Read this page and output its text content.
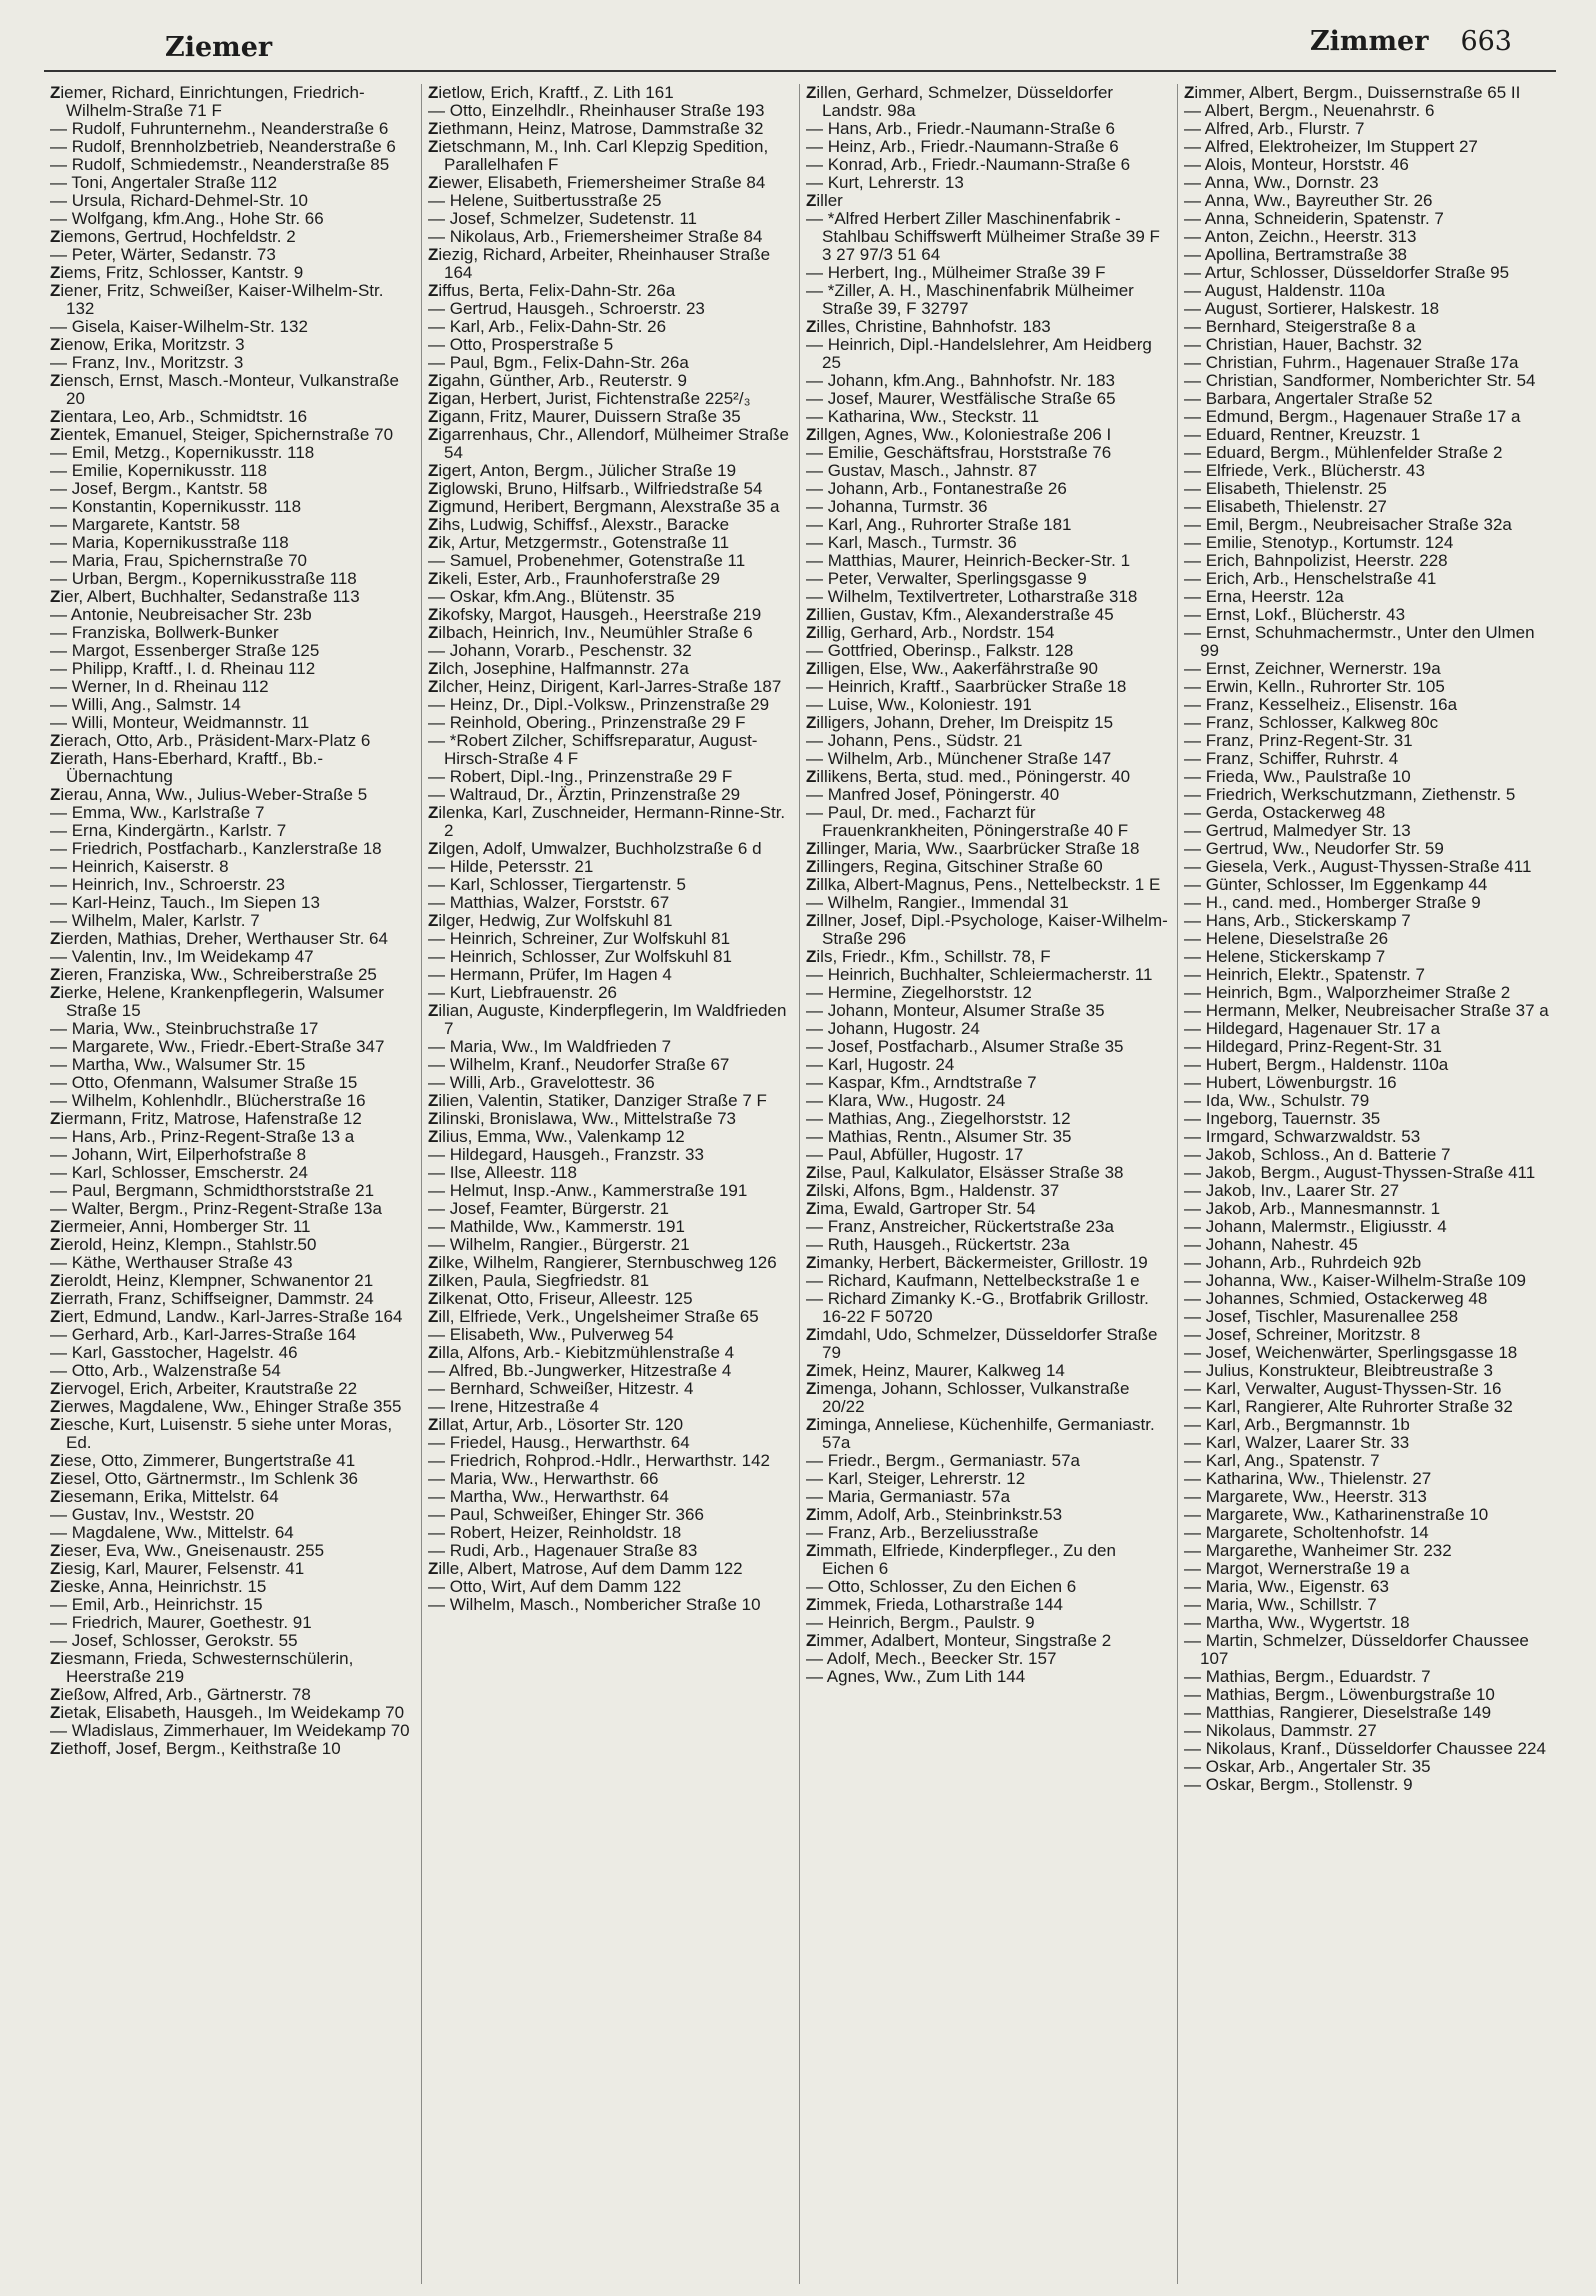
Ziemer	Zimmer 663

Ziemer, Richard, Einrichtungen, Friedrich-Wilhelm-Straße 71 F

— Rudolf, Fuhrunternehm., Neanderstraße 6

— Rudolf, Brennholzbetrieb, Neanderstraße 6

— Rudolf, Schmiedemstr., Neanderstraße 85

— Toni, Angertaler Straße 112

— Ursula, Richard-Dehmel-Str. 10

— Wolfgang, kfm.Ang., Hohe Str. 66

Ziemons, Gertrud, Hochfeldstr. 2

— Peter, Wärter, Sedanstr. 73

Ziems, Fritz, Schlosser, Kantstr. 9

Ziener, Fritz, Schweißer, Kaiser-Wilhelm-Str. 132

— Gisela, Kaiser-Wilhelm-Str. 132

Zienow, Erika, Moritzstr. 3

— Franz, Inv., Moritzstr. 3

Ziensch, Ernst, Masch.-Monteur, Vulkanstraße 20

Zientara, Leo, Arb., Schmidtstr. 16

Zientek, Emanuel, Steiger, Spichernstraße 70

— Emil, Metzg., Kopernikusstr. 118

— Emilie, Kopernikusstr. 118

— Josef, Bergm., Kantstr. 58

— Konstantin, Kopernikusstr. 118

— Margarete, Kantstr. 58

— Maria, Kopernikusstraße 118

— Maria, Frau, Spichernstraße 70

— Urban, Bergm., Kopernikusstraße 118

Zier, Albert, Buchhalter, Sedanstraße 113

— Antonie, Neubreisacher Str. 23b

— Franziska, Bollwerk-Bunker

— Margot, Essenberger Straße 125

— Philipp, Kraftf., I. d. Rheinau 112

— Werner, In d. Rheinau 112

— Willi, Ang., Salmstr. 14

— Willi, Monteur, Weidmannstr. 11

Zierach, Otto, Arb., Präsident-Marx-Platz 6

Zierath, Hans-Eberhard, Kraftf., Bb.-Übernachtung

Zierau, Anna, Ww., Julius-Weber-Straße 5

— Emma, Ww., Karlstraße 7

— Erna, Kindergärtn., Karlstr. 7

— Friedrich, Postfacharb., Kanzlerstraße 18

— Heinrich, Kaiserstr. 8

— Heinrich, Inv., Schroerstr. 23

— Karl-Heinz, Tauch., Im Siepen 13

— Wilhelm, Maler, Karlstr. 7

Zierden, Mathias, Dreher, Werthauser Str. 64

— Valentin, Inv., Im Weidekamp 47

Zieren, Franziska, Ww., Schreiberstraße 25

Zierke, Helene, Krankenpflegerin, Walsumer Straße 15

— Maria, Ww., Steinbruchstraße 17

— Margarete, Ww., Friedr.-Ebert-Straße 347

— Martha, Ww., Walsumer Str. 15

— Otto, Ofenmann, Walsumer Straße 15

— Wilhelm, Kohlenhdlr., Blücherstraße 16

Ziermann, Fritz, Matrose, Hafenstraße 12

— Hans, Arb., Prinz-Regent-Straße 13 a

— Johann, Wirt, Eilperhofstraße 8

— Karl, Schlosser, Emscherstr. 24

— Paul, Bergmann, Schmidthorststraße 21

— Walter, Bergm., Prinz-Regent-Straße 13a

Ziermeier, Anni, Homberger Str. 11

Zierold, Heinz, Klempn., Stahlstr.50

— Käthe, Werthauser Straße 43

Zieroldt, Heinz, Klempner, Schwanentor 21

Zierrath, Franz, Schiffseigner, Dammstr. 24

Ziert, Edmund, Landw., Karl-Jarres-Straße 164

— Gerhard, Arb., Karl-Jarres-Straße 164

— Karl, Gasstocher, Hagelstr. 46

— Otto, Arb., Walzenstraße 54

Ziervogel, Erich, Arbeiter, Krautstraße 22

Zierwes, Magdalene, Ww., Ehinger Straße 355

Ziesche, Kurt, Luisenstr. 5 siehe unter Moras, Ed.

Ziese, Otto, Zimmerer, Bungertstraße 41

Ziesel, Otto, Gärtnermstr., Im Schlenk 36

Ziesemann, Erika, Mittelstr. 64

— Gustav, Inv., Weststr. 20

— Magdalene, Ww., Mittelstr. 64

Zieser, Eva, Ww., Gneisenaustr. 255

Ziesig, Karl, Maurer, Felsenstr. 41

Zieske, Anna, Heinrichstr. 15

— Emil, Arb., Heinrichstr. 15

— Friedrich, Maurer, Goethestr. 91

— Josef, Schlosser, Gerokstr. 55

Ziesmann, Frieda, Schwesternschülerin, Heerstraße 219

Zießow, Alfred, Arb., Gärtnerstr. 78

Zietak, Elisabeth, Hausgeh., Im Weidekamp 70

— Wladislaus, Zimmerhauer, Im Weidekamp 70

Ziethoff, Josef, Bergm., Keithstraße 10

Zietlow, Erich, Kraftf., Z. Lith 161

— Otto, Einzelhdlr., Rheinhauser Straße 193

Ziethmann, Heinz, Matrose, Dammstraße 32

Zietschmann, M., Inh. Carl Klepzig Spedition, Parallelhafen F

Ziewer, Elisabeth, Friemersheimer Straße 84

— Helene, Suitbertusstraße 25

— Josef, Schmelzer, Sudetenstr. 11

— Nikolaus, Arb., Friemersheimer Straße 84

Ziezig, Richard, Arbeiter, Rheinhauser Straße 164

Ziffus, Berta, Felix-Dahn-Str. 26a

— Gertrud, Hausgeh., Schroerstr. 23

— Karl, Arb., Felix-Dahn-Str. 26

— Otto, Prosperstraße 5

— Paul, Bgm., Felix-Dahn-Str. 26a

Zigahn, Günther, Arb., Reuterstr. 9

Zigan, Herbert, Jurist, Fichtenstraße 225²/₃

Zigann, Fritz, Maurer, Duissern Straße 35

Zigarrenhaus, Chr., Allendorf, Mülheimer Straße 54

Zigert, Anton, Bergm., Jülicher Straße 19

Ziglowski, Bruno, Hilfsarb., Wilfriedstraße 54

Zigmund, Heribert, Bergmann, Alexstraße 35 a

Zihs, Ludwig, Schiffsf., Alexstr., Baracke

Zik, Artur, Metzgermstr., Gotenstraße 11

— Samuel, Probenehmer, Gotenstraße 11

Zikeli, Ester, Arb., Fraunhoferstraße 29

— Oskar, kfm.Ang., Blütenstr. 35

Zikofsky, Margot, Hausgeh., Heerstraße 219

Zilbach, Heinrich, Inv., Neumühler Straße 6

— Johann, Vorarb., Peschenstr. 32

Zilch, Josephine, Halfmannstr. 27a

Zilcher, Heinz, Dirigent, Karl-Jarres-Straße 187

— Heinz, Dr., Dipl.-Volksw., Prinzenstraße 29

— Reinhold, Obering., Prinzenstraße 29 F

— *Robert Zilcher, Schiffsreparatur, August-Hirsch-Straße 4 F

— Robert, Dipl.-Ing., Prinzenstraße 29 F

— Waltraud, Dr., Ärztin, Prinzenstraße 29

Zilenka, Karl, Zuschneider, Hermann-Rinne-Str. 2

Zilgen, Adolf, Umwalzer, Buchholzstraße 6 d

— Hilde, Petersstr. 21

— Karl, Schlosser, Tiergartenstr. 5

— Matthias, Walzer, Forststr. 67

Zilger, Hedwig, Zur Wolfskuhl 81

— Heinrich, Schreiner, Zur Wolfskuhl 81

— Heinrich, Schlosser, Zur Wolfskuhl 81

— Hermann, Prüfer, Im Hagen 4

— Kurt, Liebfrauenstr. 26

Zilian, Auguste, Kinderpflegerin, Im Waldfrieden 7

— Maria, Ww., Im Waldfrieden 7

— Wilhelm, Kranf., Neudorfer Straße 67

— Willi, Arb., Gravelottestr. 36

Zilien, Valentin, Statiker, Danziger Straße 7 F

Zilinski, Bronislawa, Ww., Mittelstraße 73

Zilius, Emma, Ww., Valenkamp 12

— Hildegard, Hausgeh., Franzstr. 33

— Ilse, Alleestr. 118

— Helmut, Insp.-Anw., Kammerstraße 191

— Josef, Feamter, Bürgerstr. 21

— Mathilde, Ww., Kammerstr. 191

— Wilhelm, Rangier., Bürgerstr. 21

Zilke, Wilhelm, Rangierer, Sternbuschweg 126

Zilken, Paula, Siegfriedstr. 81

Zilkenat, Otto, Friseur, Alleestr. 125

Zill, Elfriede, Verk., Ungelsheimer Straße 65

— Elisabeth, Ww., Pulverweg 54

Zilla, Alfons, Arb.- Kiebitzmühlenstraße 4

— Alfred, Bb.-Jungwerker, Hitzestraße 4

— Bernhard, Schweißer, Hitzestr. 4

— Irene, Hitzestraße 4

Zillat, Artur, Arb., Lösorter Str. 120

— Friedel, Hausg., Herwarthstr. 64

— Friedrich, Rohprod.-Hdlr., Herwarthstr. 142

— Maria, Ww., Herwarthstr. 66

— Martha, Ww., Herwarthstr. 64

— Paul, Schweißer, Ehinger Str. 366

— Robert, Heizer, Reinholdstr. 18

— Rudi, Arb., Hagenauer Straße 83

Zille, Albert, Matrose, Auf dem Damm 122

— Otto, Wirt, Auf dem Damm 122

— Wilhelm, Masch., Nombericher Straße 10

Zillen, Gerhard, Schmelzer, Düsseldorfer Landstr. 98a

— Hans, Arb., Friedr.-Naumann-Straße 6

— Heinz, Arb., Friedr.-Naumann-Straße 6

— Konrad, Arb., Friedr.-Naumann-Straße 6

— Kurt, Lehrerstr. 13

Ziller

— *Alfred Herbert Ziller Maschinenfabrik - Stahlbau Schiffswerft Mülheimer Straße 39 F 3 27 97/3 51 64

— Herbert, Ing., Mülheimer Straße 39 F

— *Ziller, A. H., Maschinenfabrik Mülheimer Straße 39, F 32797

Zilles, Christine, Bahnhofstr. 183

— Heinrich, Dipl.-Handelslehrer, Am Heidberg 25

— Johann, kfm.Ang., Bahnhofstr. Nr. 183

— Josef, Maurer, Westfälische Straße 65

— Katharina, Ww., Steckstr. 11

Zillgen, Agnes, Ww., Koloniestraße 206 I

— Emilie, Geschäftsfrau, Horststraße 76

— Gustav, Masch., Jahnstr. 87

— Johann, Arb., Fontanestraße 26

— Johanna, Turmstr. 36

— Karl, Ang., Ruhrorter Straße 181

— Karl, Masch., Turmstr. 36

— Matthias, Maurer, Heinrich-Becker-Str. 1

— Peter, Verwalter, Sperlingsgasse 9

— Wilhelm, Textilvertreter, Lotharstraße 318

Zillien, Gustav, Kfm., Alexanderstraße 45

Zillig, Gerhard, Arb., Nordstr. 154

— Gottfried, Oberinsp., Falkstr. 128

Zilligen, Else, Ww., Aakerfährstraße 90

— Heinrich, Kraftf., Saarbrücker Straße 18

— Luise, Ww., Koloniestr. 191

Zilligers, Johann, Dreher, Im Dreispitz 15

— Johann, Pens., Südstr. 21

— Wilhelm, Arb., Münchener Straße 147

Zillikens, Berta, stud. med., Pöningerstr. 40

— Manfred Josef, Pöningerstr. 40

— Paul, Dr. med., Facharzt für Frauenkrankheiten, Pöningerstraße 40 F

Zillinger, Maria, Ww., Saarbrücker Straße 18

Zillingers, Regina, Gitschiner Straße 60

Zillka, Albert-Magnus, Pens., Nettelbeckstr. 1 E

— Wilhelm, Rangier., Immendal 31

Zillner, Josef, Dipl.-Psychologe, Kaiser-Wilhelm-Straße 296

Zils, Friedr., Kfm., Schillstr. 78, F

— Heinrich, Buchhalter, Schleiermacherstr. 11

— Hermine, Ziegelhorststr. 12

— Johann, Monteur, Alsumer Straße 35

— Johann, Hugostr. 24

— Josef, Postfacharb., Alsumer Straße 35

— Karl, Hugostr. 24

— Kaspar, Kfm., Arndtstraße 7

— Klara, Ww., Hugostr. 24

— Mathias, Ang., Ziegelhorststr. 12

— Mathias, Rentn., Alsumer Str. 35

— Paul, Abfüller, Hugostr. 17

Zilse, Paul, Kalkulator, Elsässer Straße 38

Zilski, Alfons, Bgm., Haldenstr. 37

Zima, Ewald, Gartroper Str. 54

— Franz, Anstreicher, Rückertstraße 23a

— Ruth, Hausgeh., Rückertstr. 23a

Zimanky, Herbert, Bäckermeister, Grillostr. 19

— Richard, Kaufmann, Nettelbeckstraße 1 e

— Richard Zimanky K.-G., Brotfabrik Grillostr. 16-22 F 50720

Zimdahl, Udo, Schmelzer, Düsseldorfer Straße 79

Zimek, Heinz, Maurer, Kalkweg 14

Zimenga, Johann, Schlosser, Vulkanstraße 20/22

Ziminga, Anneliese, Küchenhilfe, Germaniastr. 57a

— Friedr., Bergm., Germaniastr. 57a

— Karl, Steiger, Lehrerstr. 12

— Maria, Germaniastr. 57a

Zimm, Adolf, Arb., Steinbrinkstr.53

— Franz, Arb., Berzeliusstraße

Zimmath, Elfriede, Kinderpfleger., Zu den Eichen 6

— Otto, Schlosser, Zu den Eichen 6

Zimmek, Frieda, Lotharstraße 144

— Heinrich, Bergm., Paulstr. 9

Zimmer, Adalbert, Monteur, Singstraße 2

— Adolf, Mech., Beecker Str. 157

— Agnes, Ww., Zum Lith 144

Zimmer, Albert, Bergm., Duissernstraße 65 II

— Albert, Bergm., Neuenahrstr. 6

— Alfred, Arb., Flurstr. 7

— Alfred, Elektroheizer, Im Stuppert 27

— Alois, Monteur, Horststr. 46

— Anna, Ww., Dornstr. 23

— Anna, Ww., Bayreuther Str. 26

— Anna, Schneiderin, Spatenstr. 7

— Anton, Zeichn., Heerstr. 313

— Apollina, Bertramstraße 38

— Artur, Schlosser, Düsseldorfer Straße 95

— August, Haldenstr. 110a

— August, Sortierer, Halskestr. 18

— Bernhard, Steigerstraße 8 a

— Christian, Hauer, Bachstr. 32

— Christian, Fuhrm., Hagenauer Straße 17a

— Christian, Sandformer, Nomberichter Str. 54

— Barbara, Angertaler Straße 52

— Edmund, Bergm., Hagenauer Straße 17 a

— Eduard, Rentner, Kreuzstr. 1

— Eduard, Bergm., Mühlenfelder Straße 2

— Elfriede, Verk., Blücherstr. 43

— Elisabeth, Thielenstr. 25

— Elisabeth, Thielenstr. 27

— Emil, Bergm., Neubreisacher Straße 32a

— Emilie, Stenotyp., Kortumstr. 124

— Erich, Bahnpolizist, Heerstr. 228

— Erich, Arb., Henschelstraße 41

— Erna, Heerstr. 12a

— Ernst, Lokf., Blücherstr. 43

— Ernst, Schuhmachermstr., Unter den Ulmen 99

— Ernst, Zeichner, Wernerstr. 19a

— Erwin, Kelln., Ruhrorter Str. 105

— Franz, Kesselheiz., Elisenstr. 16a

— Franz, Schlosser, Kalkweg 80c

— Franz, Prinz-Regent-Str. 31

— Franz, Schiffer, Ruhrstr. 4

— Frieda, Ww., Paulstraße 10

— Friedrich, Werkschutzmann, Ziethenstr. 5

— Gerda, Ostackerweg 48

— Gertrud, Malmedyer Str. 13

— Gertrud, Ww., Neudorfer Str. 59

— Giesela, Verk., August-Thyssen-Straße 411

— Günter, Schlosser, Im Eggenkamp 44

— H., cand. med., Homberger Straße 9

— Hans, Arb., Stickerskamp 7

— Helene, Dieselstraße 26

— Helene, Stickerskamp 7

— Heinrich, Elektr., Spatenstr. 7

— Heinrich, Bgm., Walporzheimer Straße 2

— Hermann, Melker, Neubreisacher Straße 37 a

— Hildegard, Hagenauer Str. 17 a

— Hildegard, Prinz-Regent-Str. 31

— Hubert, Bergm., Haldenstr. 110a

— Hubert, Löwenburgstr. 16

— Ida, Ww., Schulstr. 79

— Ingeborg, Tauernstr. 35

— Irmgard, Schwarzwaldstr. 53

— Jakob, Schloss., An d. Batterie 7

— Jakob, Bergm., August-Thyssen-Straße 411

— Jakob, Inv., Laarer Str. 27

— Jakob, Arb., Mannesmannstr. 1

— Johann, Malermstr., Eligiusstr. 4

— Johann, Nahestr. 45

— Johann, Arb., Ruhrdeich 92b

— Johanna, Ww., Kaiser-Wilhelm-Straße 109

— Johannes, Schmied, Ostackerweg 48

— Josef, Tischler, Masurenallee 258

— Josef, Schreiner, Moritzstr. 8

— Josef, Weichenwärter, Sperlingsgasse 18

— Julius, Konstrukteur, Bleibtreustraße 3

— Karl, Verwalter, August-Thyssen-Str. 16

— Karl, Rangierer, Alte Ruhrorter Straße 32

— Karl, Arb., Bergmannstr. 1b

— Karl, Walzer, Laarer Str. 33

— Karl, Ang., Spatenstr. 7

— Katharina, Ww., Thielenstr. 27

— Margarete, Ww., Heerstr. 313

— Margarete, Ww., Katharinenstraße 10

— Margarete, Scholtenhofstr. 14

— Margarethe, Wanheimer Str. 232

— Margot, Wernerstraße 19 a

— Maria, Ww., Eigenstr. 63

— Maria, Ww., Schillstr. 7

— Martha, Ww., Wygertstr. 18

— Martin, Schmelzer, Düsseldorfer Chaussee 107

— Mathias, Bergm., Eduardstr. 7

— Mathias, Bergm., Löwenburgstraße 10

— Matthias, Rangierer, Dieselstraße 149

— Nikolaus, Dammstr. 27

— Nikolaus, Kranf., Düsseldorfer Chaussee 224

— Oskar, Arb., Angertaler Str. 35

— Oskar, Bergm., Stollenstr. 9
